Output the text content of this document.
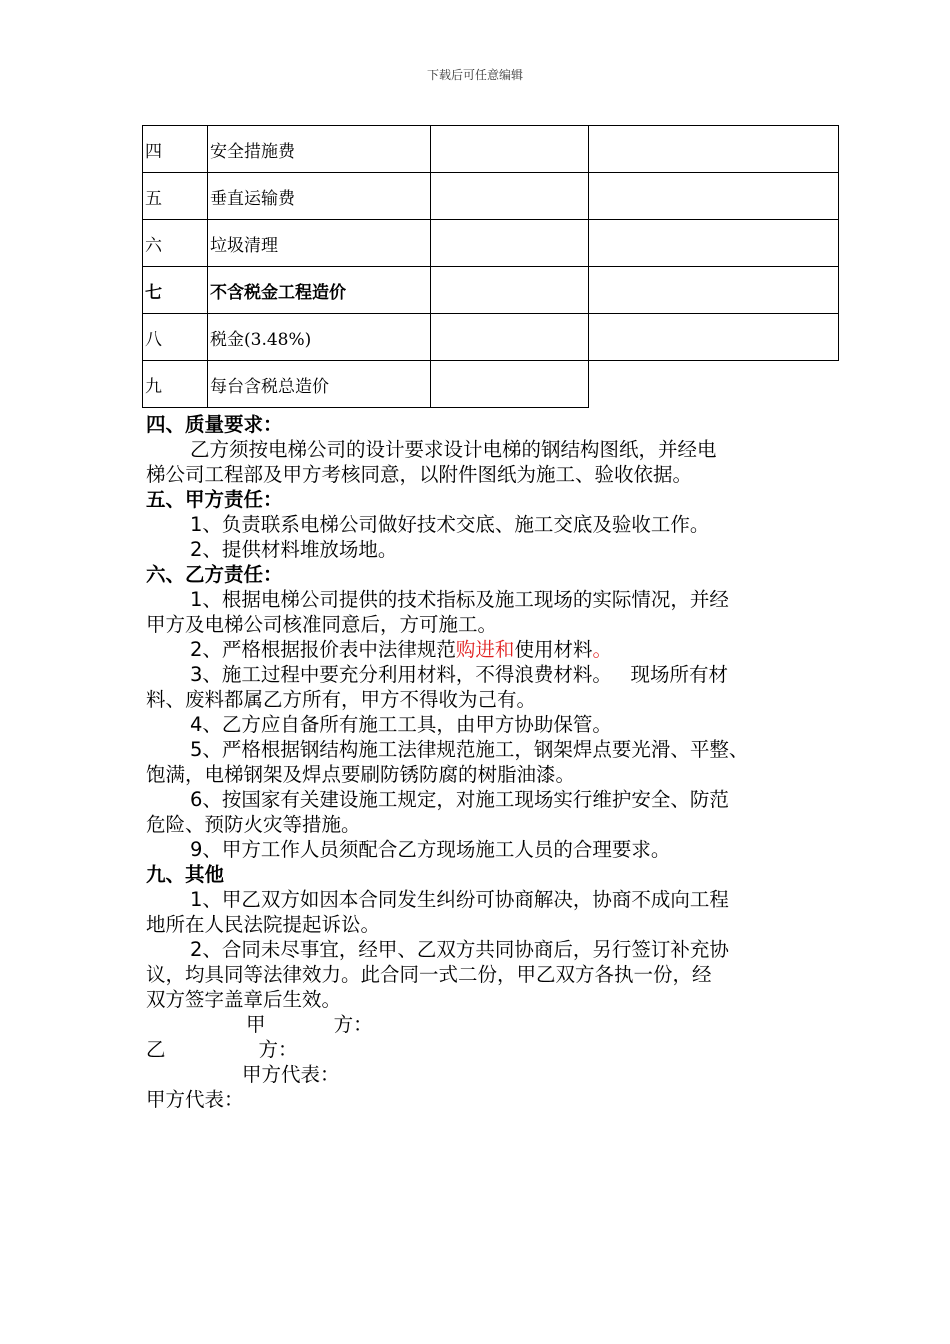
下载后可任意编辑
四	安全措施费		
五	垂直运输费		
六	垃圾清理		
七	不含税金工程造价		
八	税金(3.48%)		
九	每台含税总造价		

四、质量要求：

乙方须按电梯公司的设计要求设计电梯的钢结构图纸，并经电

梯公司工程部及甲方考核同意，以附件图纸为施工、验收依据。

五、甲方责任：

1、负责联系电梯公司做好技术交底、施工交底及验收工作。

2、提供材料堆放场地。

六、乙方责任：

1、根据电梯公司提供的技术指标及施工现场的实际情况，并经

甲方及电梯公司核准同意后，方可施工。

2、严格根据报价表中法律规范购进和使用材料。

3、施工过程中要充分利用材料，不得浪费材料。   现场所有材

料、废料都属乙方所有，甲方不得收为己有。

4、乙方应自备所有施工工具，由甲方协助保管。

5、严格根据钢结构施工法律规范施工，钢架焊点要光滑、平整、

饱满，电梯钢架及焊点要刷防锈防腐的树脂油漆。

6、按国家有关建设施工规定，对施工现场实行维护安全、防范

危险、预防火灾等措施。

9、甲方工作人员须配合乙方现场施工人员的合理要求。

九、其他

1、甲乙双方如因本合同发生纠纷可协商解决，协商不成向工程

地所在人民法院提起诉讼。

2、合同未尽事宜，经甲、乙双方共同协商后，另行签订补充协

议，均具同等法律效力。此合同一式二份，甲乙双方各执一份，经

双方签字盖章后生效。

甲           方：

乙               方：

甲方代表：

甲方代表：
